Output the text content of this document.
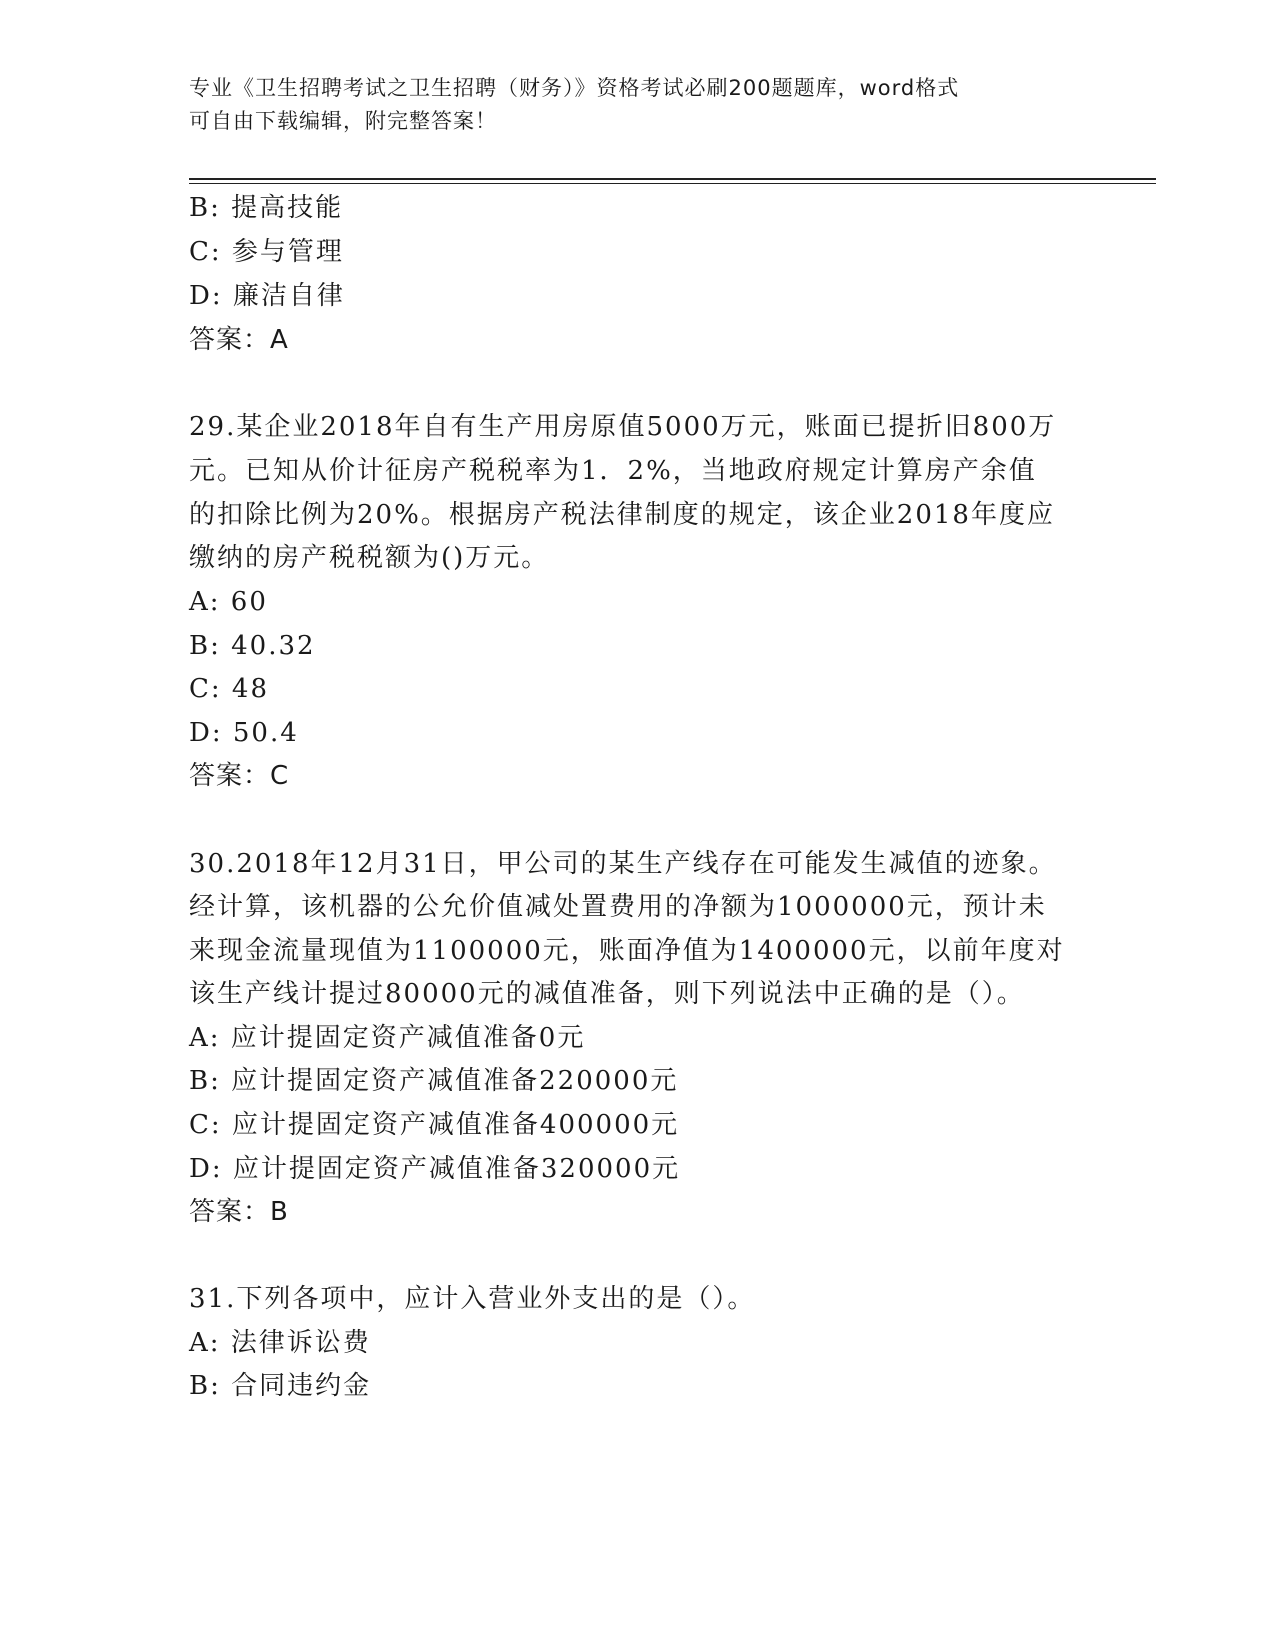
专业《卫生招聘考试之卫生招聘（财务）》资格考试必刷200题题库，word格式
可自由下载编辑，附完整答案！
B: 提高技能
C: 参与管理
D: 廉洁自律
答案：A
29.某企业2018年自有生产用房原值5000万元，账面已提折旧800万
元。已知从价计征房产税税率为1．2%，当地政府规定计算房产余值
的扣除比例为20%。根据房产税法律制度的规定，该企业2018年度应
缴纳的房产税税额为()万元。
A: 60
B: 40.32
C: 48
D: 50.4
答案：C
30.2018年12月31日，甲公司的某生产线存在可能发生减值的迹象。
经计算，该机器的公允价值减处置费用的净额为1000000元，预计未
来现金流量现值为1100000元，账面净值为1400000元，以前年度对
该生产线计提过80000元的减值准备，则下列说法中正确的是（）。
A: 应计提固定资产减值准备0元
B: 应计提固定资产减值准备220000元
C: 应计提固定资产减值准备400000元
D: 应计提固定资产减值准备320000元
答案：B
31.下列各项中，应计入营业外支出的是（）。
A: 法律诉讼费
B: 合同违约金
